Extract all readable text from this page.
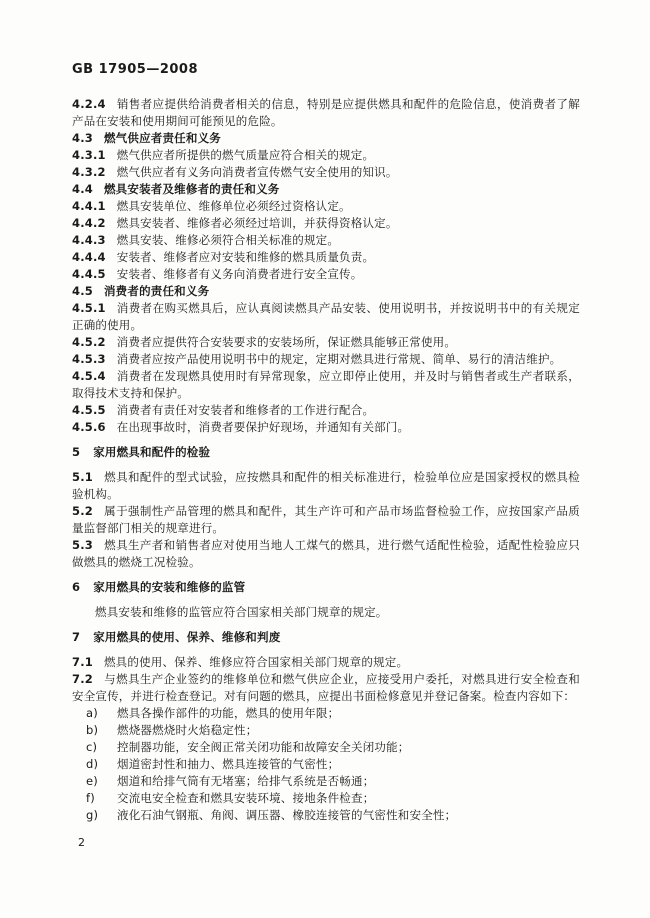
GB 17905—2008

4.2.4 销售者应提供给消费者相关的信息，特别是应提供燃具和配件的危险信息，使消费者了解产品在安装和使用期间可能预见的危险。

4.3 燃气供应者责任和义务

4.3.1 燃气供应者所提供的燃气质量应符合相关的规定。

4.3.2 燃气供应者有义务向消费者宣传燃气安全使用的知识。

4.4 燃具安装者及维修者的责任和义务

4.4.1 燃具安装单位、维修单位必须经过资格认定。

4.4.2 燃具安装者、维修者必须经过培训，并获得资格认定。

4.4.3 燃具安装、维修必须符合相关标准的规定。

4.4.4 安装者、维修者应对安装和维修的燃具质量负责。

4.4.5 安装者、维修者有义务向消费者进行安全宣传。

4.5 消费者的责任和义务

4.5.1 消费者在购买燃具后，应认真阅读燃具产品安装、使用说明书，并按说明书中的有关规定正确的使用。

4.5.2 消费者应提供符合安装要求的安装场所，保证燃具能够正常使用。

4.5.3 消费者应按产品使用说明书中的规定，定期对燃具进行常规、简单、易行的清洁维护。

4.5.4 消费者在发现燃具使用时有异常现象，应立即停止使用，并及时与销售者或生产者联系，取得技术支持和保护。

4.5.5 消费者有责任对安装者和维修者的工作进行配合。

4.5.6 在出现事故时，消费者要保护好现场，并通知有关部门。

5 家用燃具和配件的检验

5.1 燃具和配件的型式试验，应按燃具和配件的相关标准进行，检验单位应是国家授权的燃具检验机构。

5.2 属于强制性产品管理的燃具和配件，其生产许可和产品市场监督检验工作，应按国家产品质量监督部门相关的规章进行。

5.3 燃具生产者和销售者应对使用当地人工煤气的燃具，进行燃气适配性检验，适配性检验应只做燃具的燃烧工况检验。

6 家用燃具的安装和维修的监管

燃具安装和维修的监管应符合国家相关部门规章的规定。

7 家用燃具的使用、保养、维修和判废

7.1 燃具的使用、保养、维修应符合国家相关部门规章的规定。

7.2 与燃具生产企业签约的维修单位和燃气供应企业，应接受用户委托，对燃具进行安全检查和安全宣传，并进行检查登记。对有问题的燃具，应提出书面检修意见并登记备案。检查内容如下：

a)	燃具各操作部件的功能，燃具的使用年限；
b)	燃烧器燃烧时火焰稳定性；
c)	控制器功能，安全阀正常关闭功能和故障安全关闭功能；
d)	烟道密封性和抽力、燃具连接管的气密性；
e)	烟道和给排气筒有无堵塞；给排气系统是否畅通；
f)	交流电安全检查和燃具安装环境、接地条件检查；
g)	液化石油气钢瓶、角阀、调压器、橡胶连接管的气密性和安全性；
2
